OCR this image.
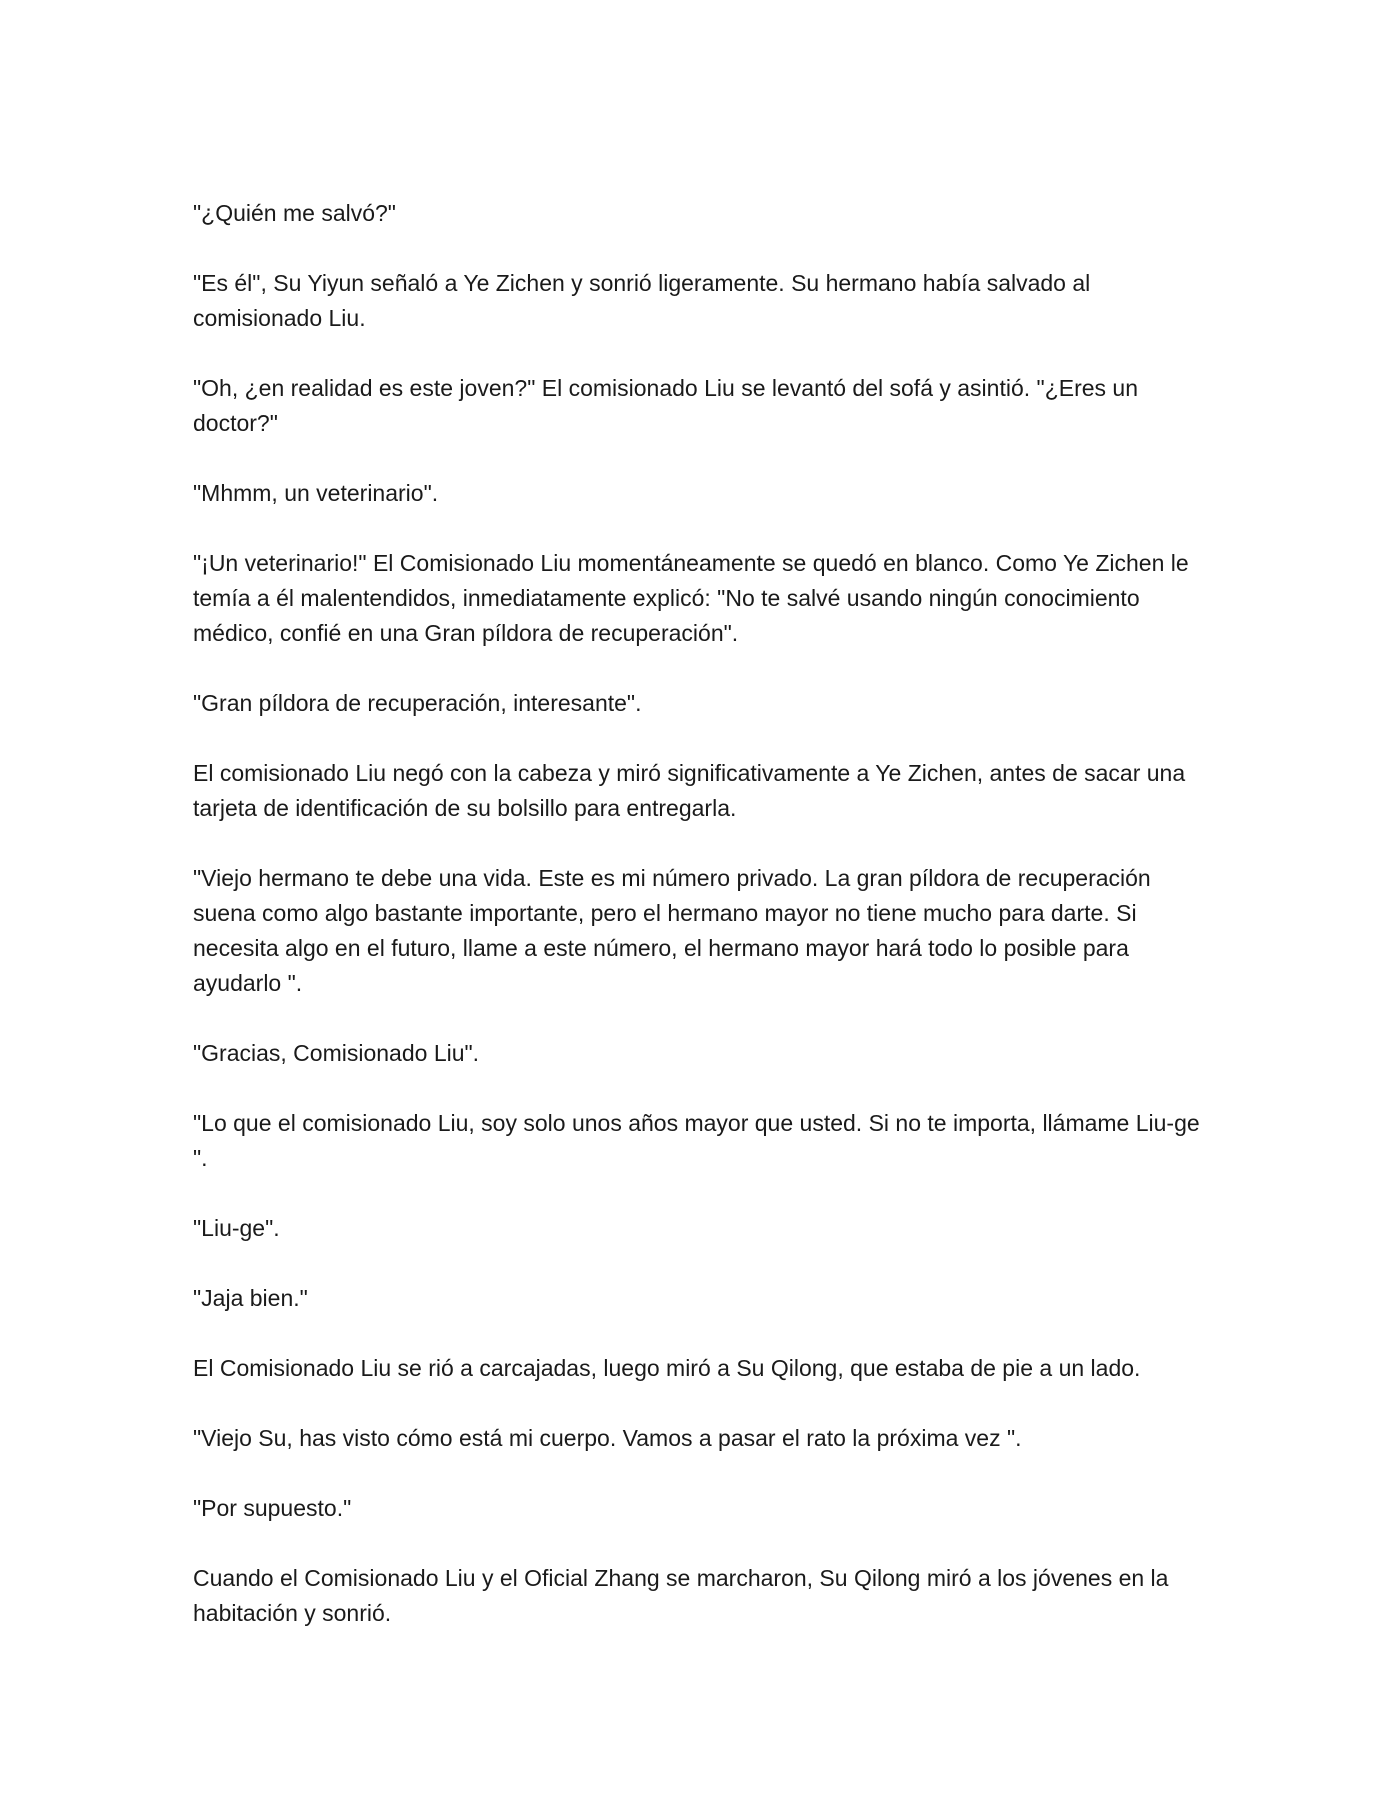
"¿Quién me salvó?"

"Es él", Su Yiyun señaló a Ye Zichen y sonrió ligeramente. Su hermano había salvado al comisionado Liu.

"Oh, ¿en realidad es este joven?" El comisionado Liu se levantó del sofá y asintió. "¿Eres un doctor?"

"Mhmm, un veterinario".

"¡Un veterinario!" El Comisionado Liu momentáneamente se quedó en blanco. Como Ye Zichen le temía a él malentendidos, inmediatamente explicó: "No te salvé usando ningún conocimiento médico, confié en una Gran píldora de recuperación".

"Gran píldora de recuperación, interesante".

El comisionado Liu negó con la cabeza y miró significativamente a Ye Zichen, antes de sacar una tarjeta de identificación de su bolsillo para entregarla.

"Viejo hermano te debe una vida. Este es mi número privado. La gran píldora de recuperación suena como algo bastante importante, pero el hermano mayor no tiene mucho para darte. Si necesita algo en el futuro, llame a este número, el hermano mayor hará todo lo posible para ayudarlo ".

"Gracias, Comisionado Liu".

"Lo que el comisionado Liu, soy solo unos años mayor que usted. Si no te importa, llámame Liu-ge ".

"Liu-ge".

"Jaja bien."

El Comisionado Liu se rió a carcajadas, luego miró a Su Qilong, que estaba de pie a un lado.

"Viejo Su, has visto cómo está mi cuerpo. Vamos a pasar el rato la próxima vez ".

"Por supuesto."

Cuando el Comisionado Liu y el Oficial Zhang se marcharon, Su Qilong miró a los jóvenes en la habitación y sonrió.
